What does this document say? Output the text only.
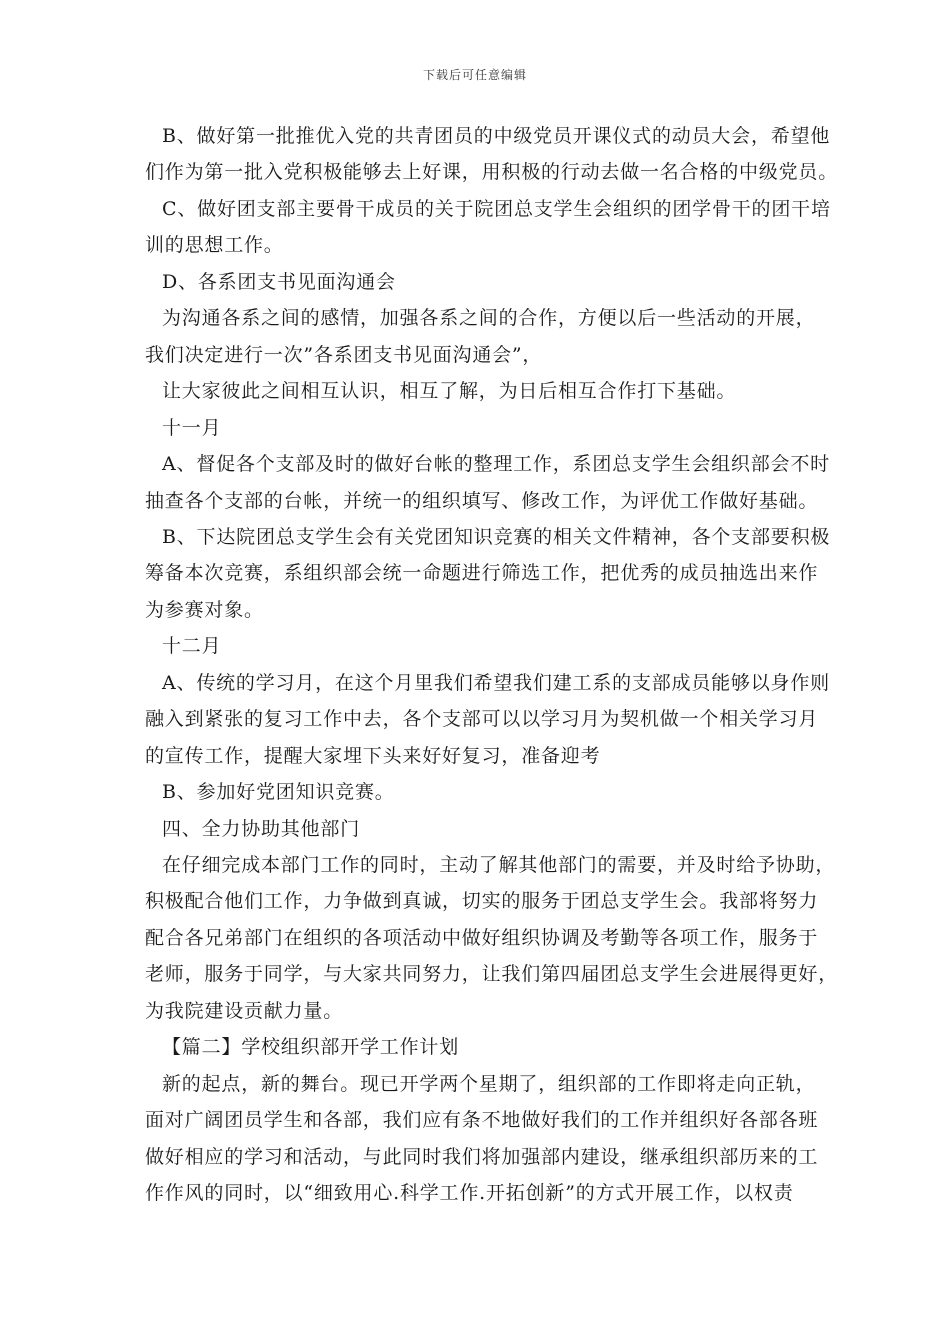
下载后可任意编辑
B、做好第一批推优入党的共青团员的中级党员开课仪式的动员大会，希望他
们作为第一批入党积极能够去上好课，用积极的行动去做一名合格的中级党员。
C、做好团支部主要骨干成员的关于院团总支学生会组织的团学骨干的团干培
训的思想工作。
D、各系团支书见面沟通会
为沟通各系之间的感情，加强各系之间的合作，方便以后一些活动的开展，
我们决定进行一次”各系团支书见面沟通会”，
让大家彼此之间相互认识，相互了解，为日后相互合作打下基础。
十一月
A、督促各个支部及时的做好台帐的整理工作，系团总支学生会组织部会不时
抽查各个支部的台帐，并统一的组织填写、修改工作，为评优工作做好基础。
B、下达院团总支学生会有关党团知识竞赛的相关文件精神，各个支部要积极
筹备本次竞赛，系组织部会统一命题进行筛选工作，把优秀的成员抽选出来作
为参赛对象。
十二月
A、传统的学习月，在这个月里我们希望我们建工系的支部成员能够以身作则
融入到紧张的复习工作中去，各个支部可以以学习月为契机做一个相关学习月
的宣传工作，提醒大家埋下头来好好复习，准备迎考
B、参加好党团知识竞赛。
四、全力协助其他部门
在仔细完成本部门工作的同时，主动了解其他部门的需要，并及时给予协助，
积极配合他们工作，力争做到真诚，切实的服务于团总支学生会。我部将努力
配合各兄弟部门在组织的各项活动中做好组织协调及考勤等各项工作，服务于
老师，服务于同学，与大家共同努力，让我们第四届团总支学生会进展得更好，
为我院建设贡献力量。
【篇二】学校组织部开学工作计划
新的起点，新的舞台。现已开学两个星期了，组织部的工作即将走向正轨，
面对广阔团员学生和各部，我们应有条不地做好我们的工作并组织好各部各班
做好相应的学习和活动，与此同时我们将加强部内建设，继承组织部历来的工
作作风的同时，以“细致用心.科学工作.开拓创新”的方式开展工作，以权责
